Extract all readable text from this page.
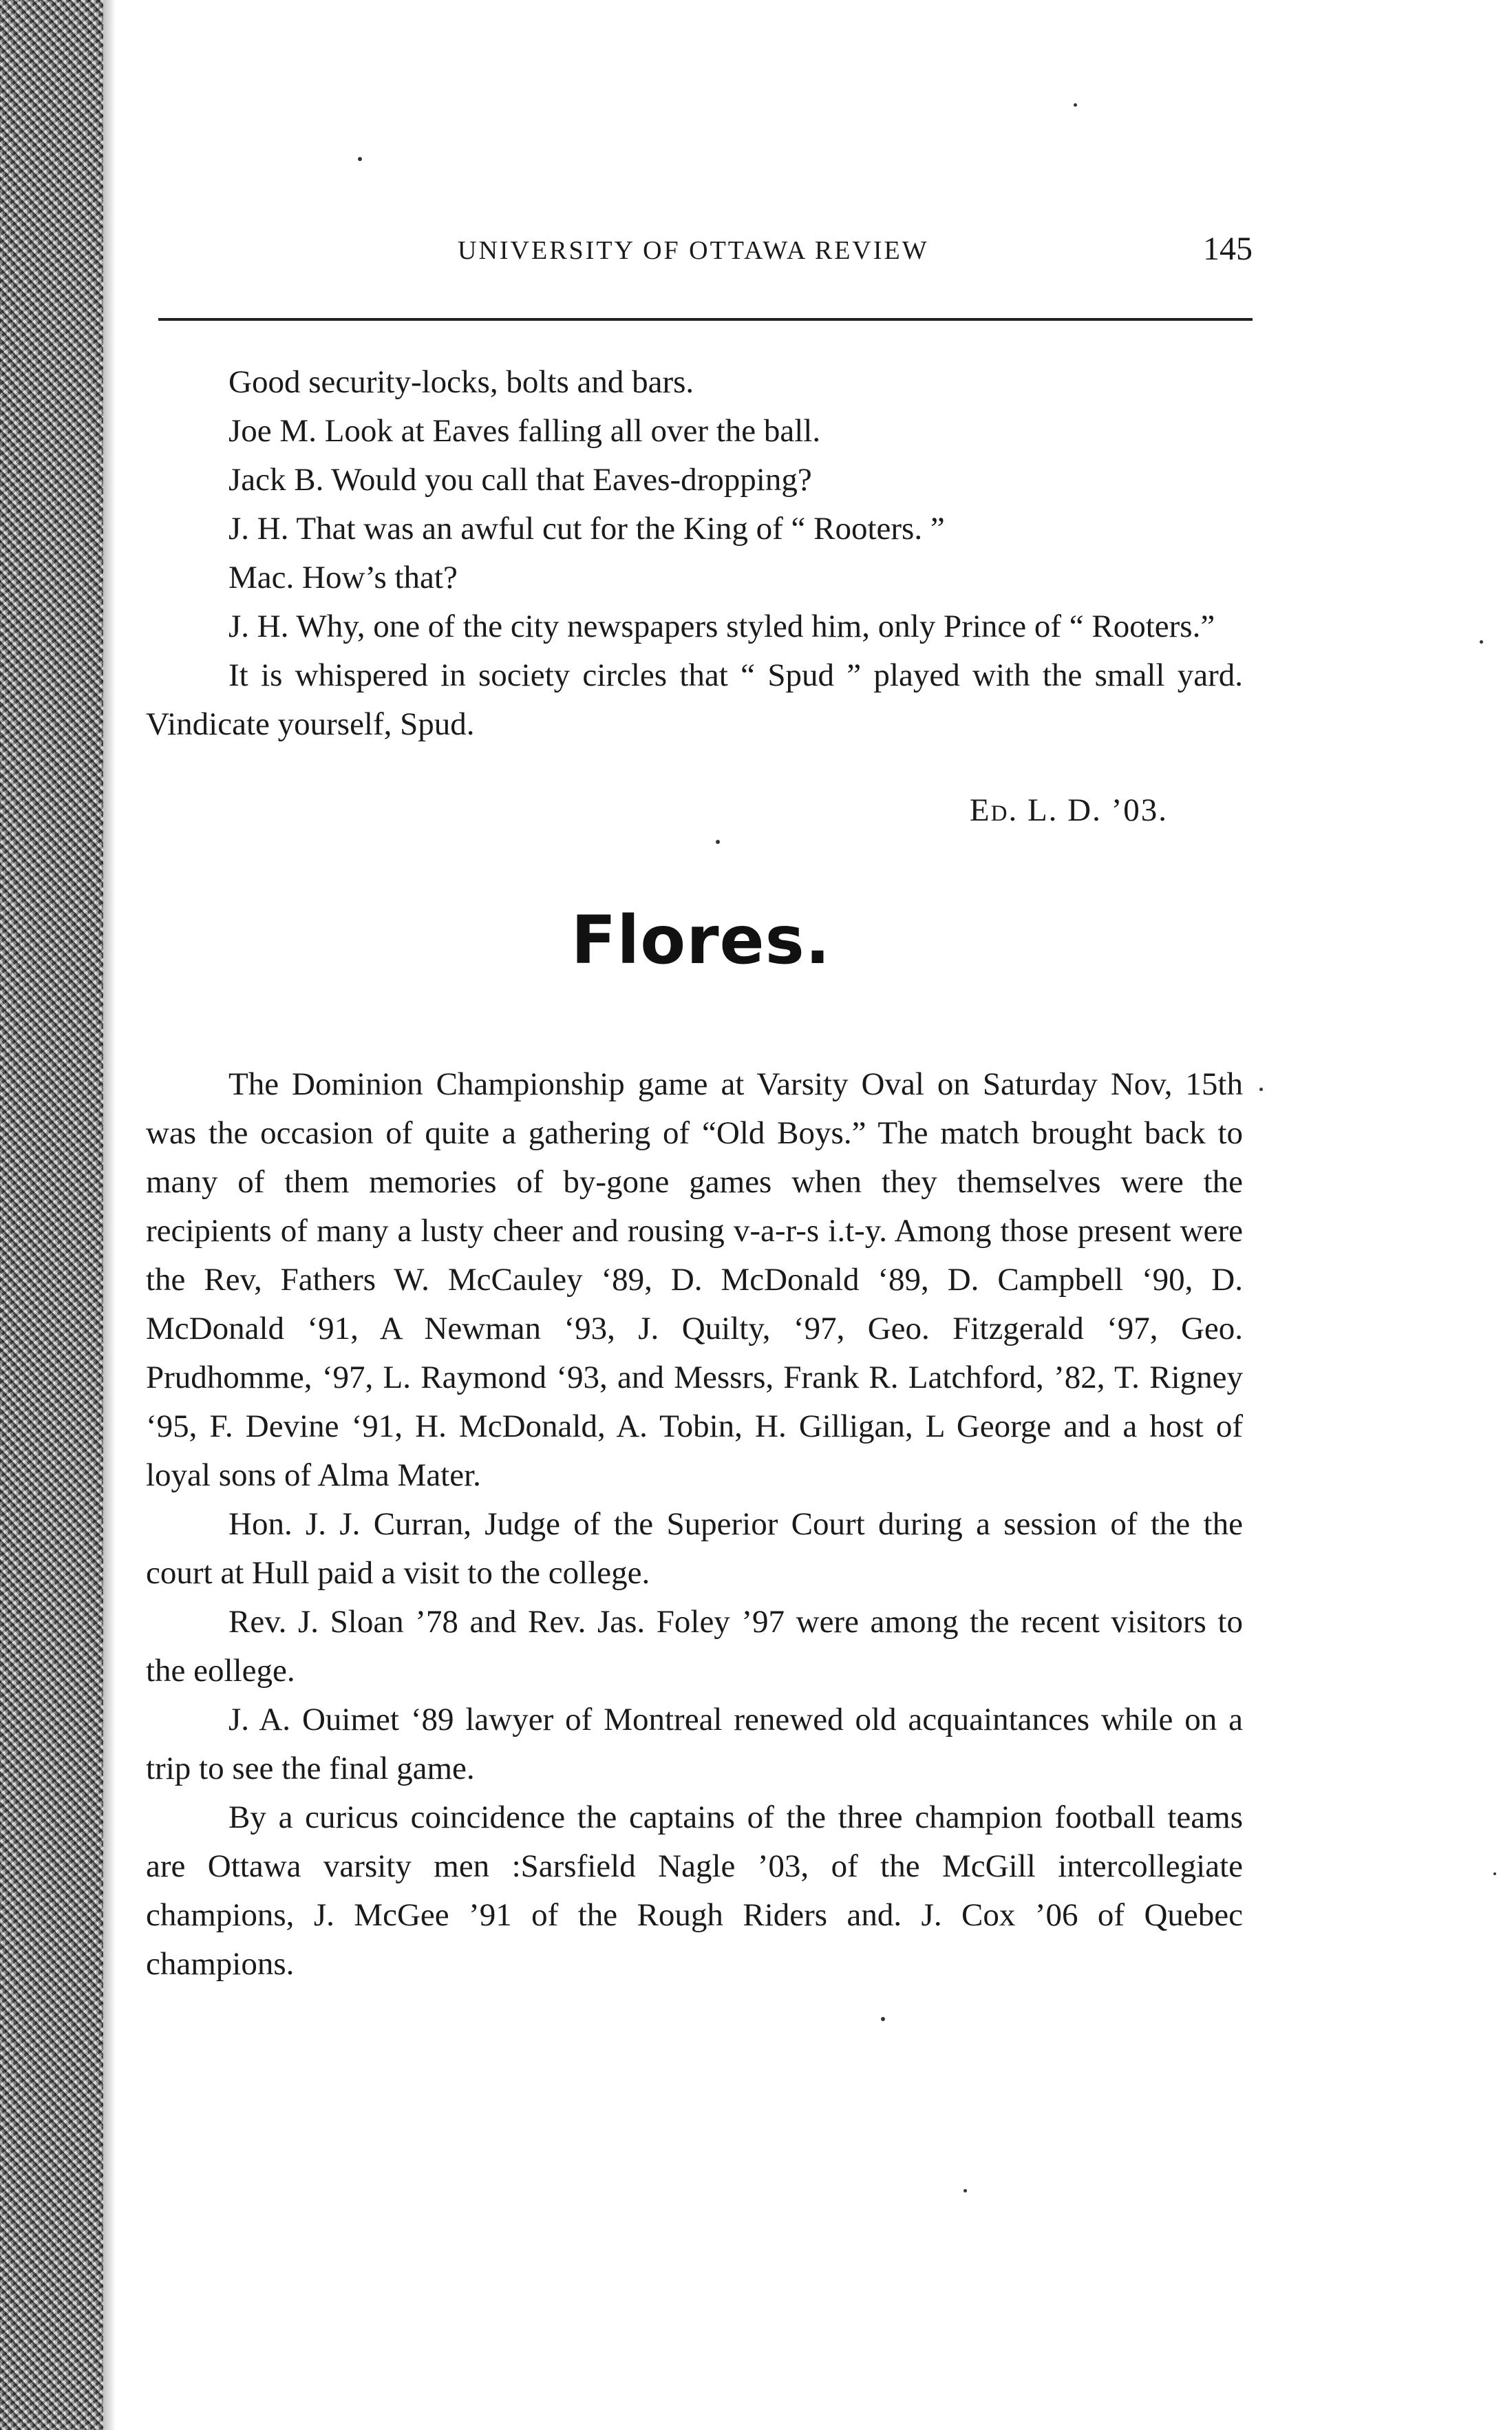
UNIVERSITY OF OTTAWA REVIEW	145

Good security-locks, bolts and bars.

Joe M. Look at Eaves falling all over the ball.

Jack B. Would you call that Eaves-dropping?

J. H. That was an awful cut for the King of “ Rooters. ”

Mac. How’s that?

J. H. Why, one of the city newspapers styled him, only Prince of “ Rooters.”

It is whispered in society circles that “ Spud ” played with the small yard. Vindicate yourself, Spud.

Ed. L. D. ’03.
Flores.

The Dominion Championship game at Varsity Oval on Saturday Nov, 15th was the occasion of quite a gathering of “Old Boys.” The match brought back to many of them memories of by-gone games when they themselves were the recipients of many a lusty cheer and rousing v-a-r-s i.t-y. Among those present were the Rev, Fathers W. McCauley ‘89, D. McDonald ‘89, D. Campbell ‘90, D. McDonald ‘91, A Newman ‘93, J. Quilty, ‘97, Geo. Fitzgerald ‘97, Geo. Prudhomme, ‘97, L. Raymond ‘93, and Messrs, Frank R. Latchford, ’82, T. Rigney ‘95, F. Devine ‘91, H. McDonald, A. Tobin, H. Gilligan, L George and a host of loyal sons of Alma Mater.

Hon. J. J. Curran, Judge of the Superior Court during a session of the the court at Hull paid a visit to the college.

Rev. J. Sloan ’78 and Rev. Jas. Foley ’97 were among the recent visitors to the eollege.

J. A. Ouimet ‘89 lawyer of Montreal renewed old acquaintances while on a trip to see the final game.

By a curicus coincidence the captains of the three champion football teams are Ottawa varsity men :Sarsfield Nagle ’03, of the McGill intercollegiate champions, J. McGee ’91 of the Rough Riders and. J. Cox ’06 of Quebec champions.
